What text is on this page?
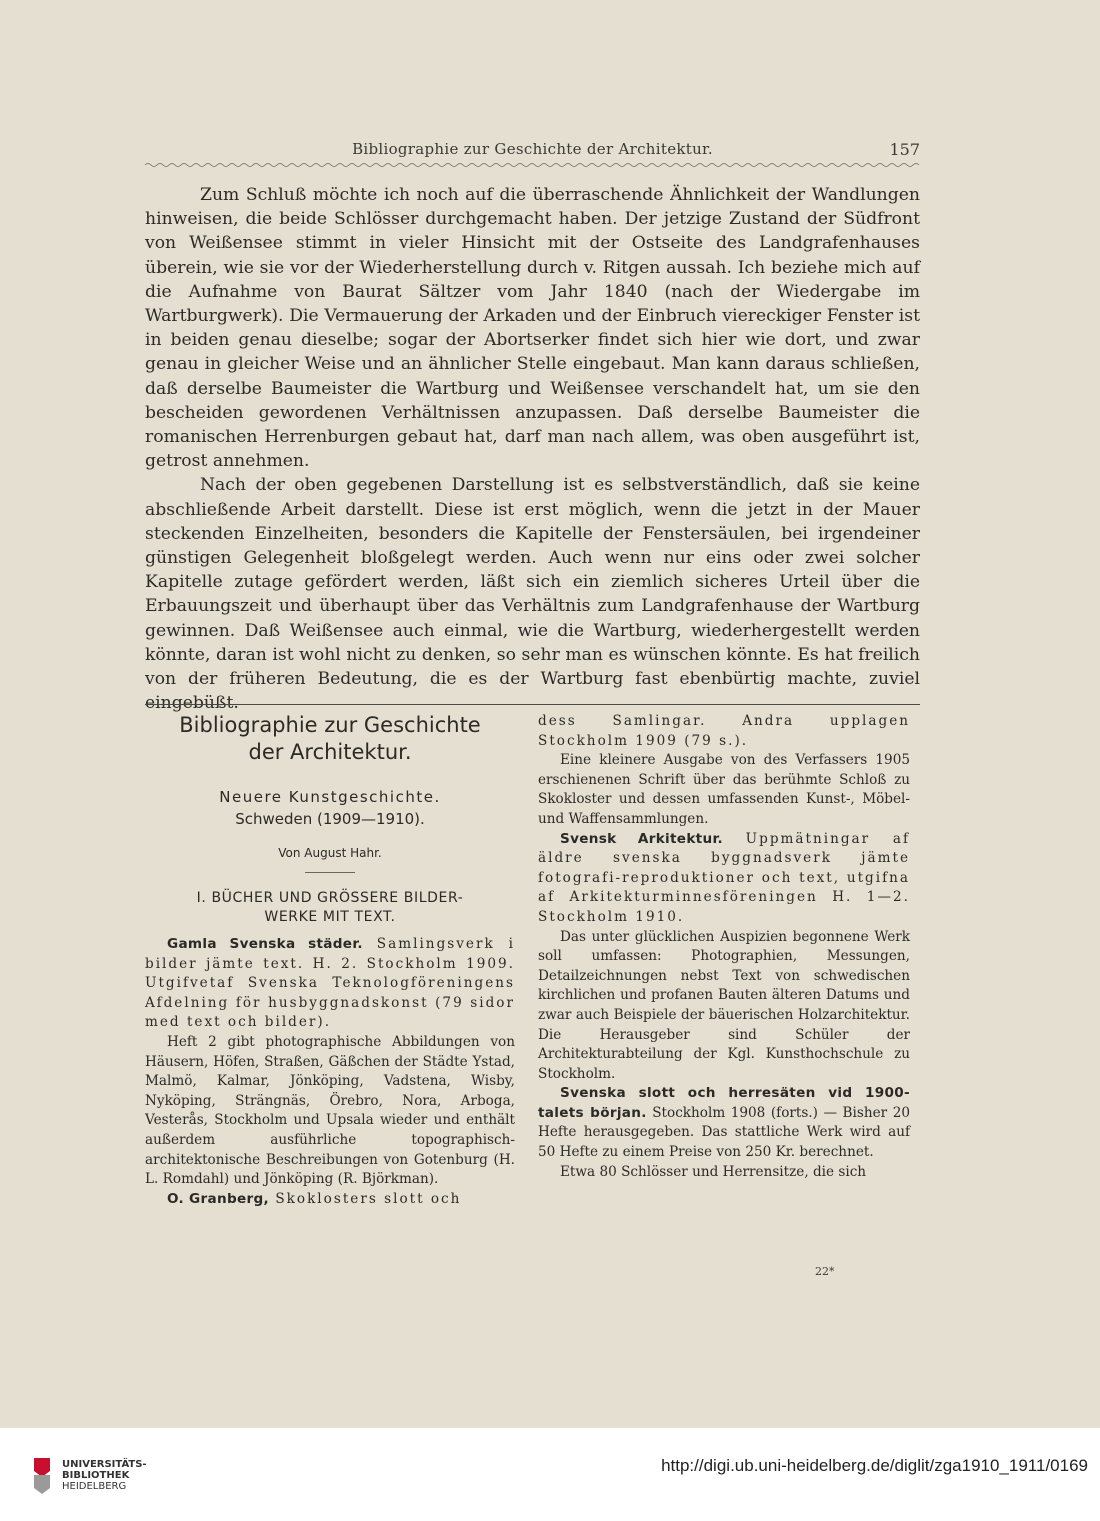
Bibliographie zur Geschichte der Architektur.	157

Zum Schluß möchte ich noch auf die überraschende Ähnlichkeit der Wandlungen hinweisen, die beide Schlösser durchgemacht haben. Der jetzige Zustand der Südfront von Weißensee stimmt in vieler Hinsicht mit der Ostseite des Landgrafenhauses überein, wie sie vor der Wiederherstellung durch v. Ritgen aussah. Ich beziehe mich auf die Aufnahme von Baurat Sältzer vom Jahr 1840 (nach der Wiedergabe im Wartburgwerk). Die Vermauerung der Arkaden und der Einbruch viereckiger Fenster ist in beiden genau dieselbe; sogar der Abortserker findet sich hier wie dort, und zwar genau in gleicher Weise und an ähnlicher Stelle eingebaut. Man kann daraus schließen, daß derselbe Baumeister die Wartburg und Weißensee verschandelt hat, um sie den bescheiden gewordenen Verhältnissen anzupassen. Daß derselbe Baumeister die romanischen Herrenburgen gebaut hat, darf man nach allem, was oben ausgeführt ist, getrost annehmen.

Nach der oben gegebenen Darstellung ist es selbstverständlich, daß sie keine abschließende Arbeit darstellt. Diese ist erst möglich, wenn die jetzt in der Mauer steckenden Einzelheiten, besonders die Kapitelle der Fenstersäulen, bei irgendeiner günstigen Gelegenheit bloßgelegt werden. Auch wenn nur eins oder zwei solcher Kapitelle zutage gefördert werden, läßt sich ein ziemlich sicheres Urteil über die Erbauungszeit und überhaupt über das Verhältnis zum Landgrafenhause der Wartburg gewinnen. Daß Weißensee auch einmal, wie die Wartburg, wiederhergestellt werden könnte, daran ist wohl nicht zu denken, so sehr man es wünschen könnte. Es hat freilich von der früheren Bedeutung, die es der Wartburg fast ebenbürtig machte, zuviel eingebüßt.

Bibliographie zur Geschichte
der Architektur.
Neuere Kunstgeschichte.
Schweden (1909—1910).
Von August Hahr.
I. BÜCHER UND GRÖSSERE BILDER-
WERKE MIT TEXT.

Gamla Svenska städer. Samlingsverk i bilder jämte text. H. 2. Stockholm 1909. Utgifvetaf Svenska Teknologföreningens Afdelning för husbyggnadskonst (79 sidor med text och bilder).

Heft 2 gibt photographische Abbildungen von Häusern, Höfen, Straßen, Gäßchen der Städte Ystad, Malmö, Kalmar, Jönköping, Vadstena, Wisby, Nyköping, Strängnäs, Örebro, Nora, Arboga, Vesterås, Stockholm und Upsala wieder und enthält außerdem ausführliche topographisch-architektonische Beschreibungen von Gotenburg (H. L. Romdahl) und Jönköping (R. Björkman).

O. Granberg, Skoklosters slott och

dess Samlingar. Andra upplagen Stockholm 1909 (79 s.).

Eine kleinere Ausgabe von des Verfassers 1905 erschienenen Schrift über das berühmte Schloß zu Skokloster und dessen umfassenden Kunst-, Möbel- und Waffensammlungen.

Svensk Arkitektur. Uppmätningar af äldre svenska byggnadsverk jämte fotografi-reproduktioner och text, utgifna af Arkitekturminnesföreningen H. 1—2. Stockholm 1910.

Das unter glücklichen Auspizien begonnene Werk soll umfassen: Photographien, Messungen, Detailzeichnungen nebst Text von schwedischen kirchlichen und profanen Bauten älteren Datums und zwar auch Beispiele der bäuerischen Holzarchitektur. Die Herausgeber sind Schüler der Architekturabteilung der Kgl. Kunsthochschule zu Stockholm.

Svenska slott och herresäten vid 1900-talets början. Stockholm 1908 (forts.) — Bisher 20 Hefte herausgegeben. Das stattliche Werk wird auf 50 Hefte zu einem Preise von 250 Kr. berechnet.

Etwa 80 Schlösser und Herrensitze, die sich

22*
UNIVERSITÄTS-
BIBLIOTHEK
HEIDELBERG
http://digi.ub.uni-heidelberg.de/diglit/zga1910_1911/0169
